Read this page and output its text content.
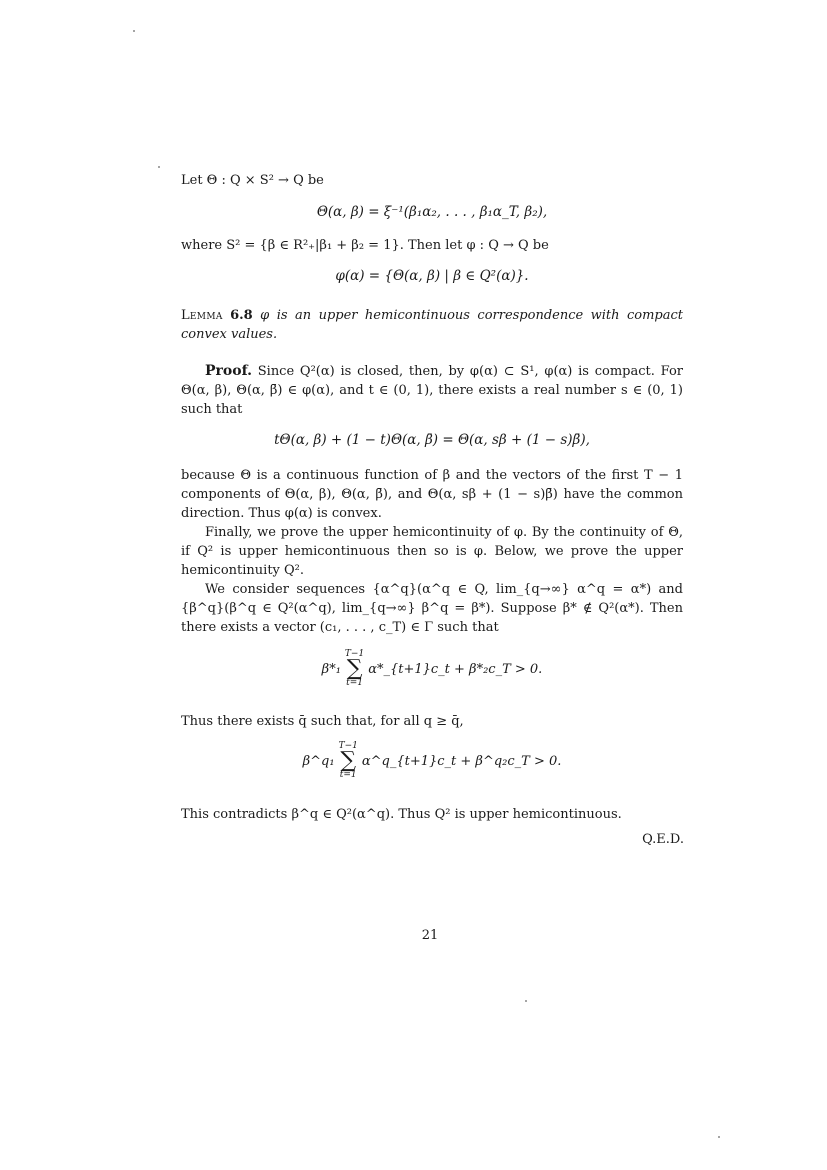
Let Θ : Q × S² → Q be
Θ(α, β) = ξ⁻¹(β₁α₂, . . . , β₁α_T, β₂),
where S² = {β ∈ R²₊|β₁ + β₂ = 1}. Then let φ : Q → Q be
φ(α) = {Θ(α, β) | β ∈ Q²(α)}.
Lemma 6.8 φ is an upper hemicontinuous correspondence with compact convex values.
Proof. Since Q²(α) is closed, then, by φ(α) ⊂ S¹, φ(α) is compact. For Θ(α, β), Θ(α, β̄) ∈ φ(α), and t ∈ (0, 1), there exists a real number s ∈ (0, 1) such that
tΘ(α, β) + (1 − t)Θ(α, β̄) = Θ(α, sβ + (1 − s)β̄),
because Θ is a continuous function of β and the vectors of the first T − 1 components of Θ(α, β), Θ(α, β̄), and Θ(α, sβ + (1 − s)β̄) have the common direction. Thus φ(α) is convex.
Finally, we prove the upper hemicontinuity of φ. By the continuity of Θ, if Q² is upper hemicontinuous then so is φ. Below, we prove the upper hemicontinuity Q².
We consider sequences {α^q}(α^q ∈ Q, lim_{q→∞} α^q = α*) and {β^q}(β^q ∈ Q²(α^q), lim_{q→∞} β^q = β*). Suppose β* ∉ Q²(α*). Then there exists a vector (c₁, . . . , c_T) ∈ Γ such that
β*₁
T−1
∑
t=1
α*_{t+1}c_t + β*₂c_T > 0.
Thus there exists q̄ such that, for all q ≥ q̄,
β^q₁
T−1
∑
t=1
α^q_{t+1}c_t + β^q₂c_T > 0.
This contradicts β^q ∈ Q²(α^q). Thus Q² is upper hemicontinuous.
Q.E.D.
21
